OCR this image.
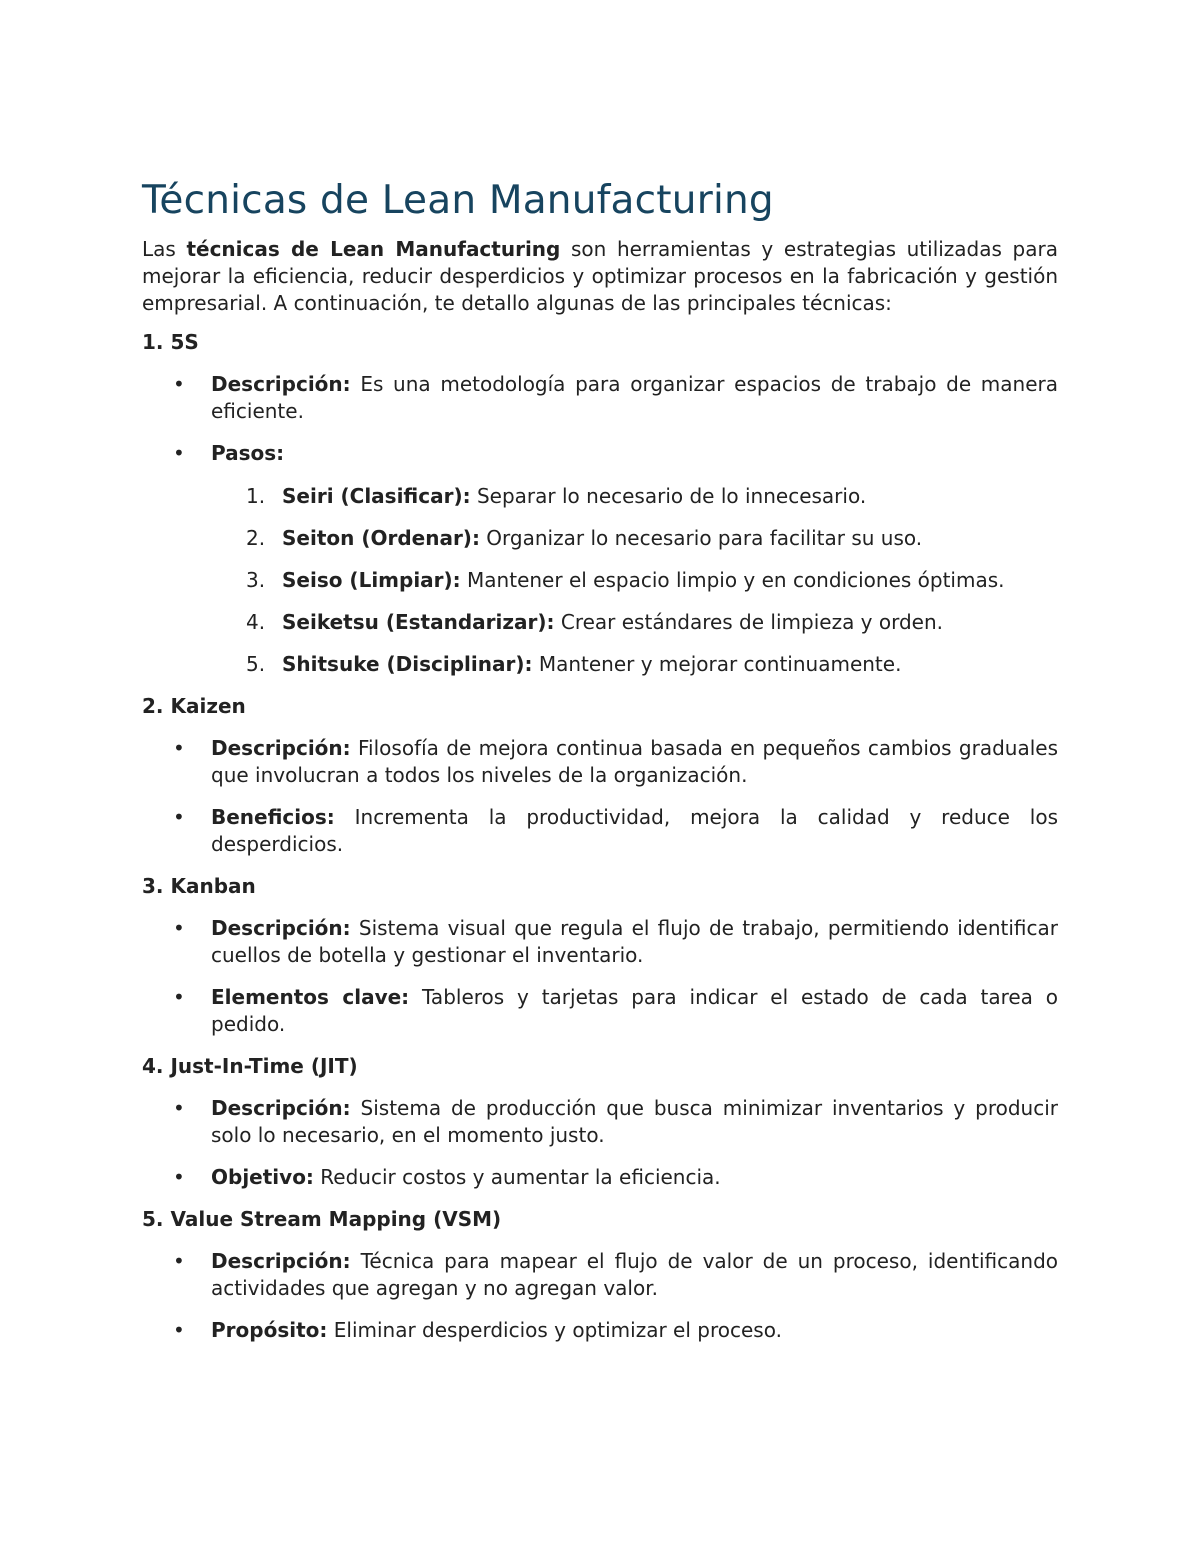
Técnicas de Lean Manufacturing

Las técnicas de Lean Manufacturing son herramientas y estrategias utilizadas para mejorar la eficiencia, reducir desperdicios y optimizar procesos en la fabricación y gestión empresarial. A continuación, te detallo algunas de las principales técnicas:

1. 5S
• Descripción: Es una metodología para organizar espacios de trabajo de manera eficiente.
• Pasos:
1. Seiri (Clasificar): Separar lo necesario de lo innecesario.
2. Seiton (Ordenar): Organizar lo necesario para facilitar su uso.
3. Seiso (Limpiar): Mantener el espacio limpio y en condiciones óptimas.
4. Seiketsu (Estandarizar): Crear estándares de limpieza y orden.
5. Shitsuke (Disciplinar): Mantener y mejorar continuamente.
2. Kaizen
• Descripción: Filosofía de mejora continua basada en pequeños cambios graduales que involucran a todos los niveles de la organización.
• Beneficios: Incrementa la productividad, mejora la calidad y reduce los desperdicios.
3. Kanban
• Descripción: Sistema visual que regula el flujo de trabajo, permitiendo identificar cuellos de botella y gestionar el inventario.
• Elementos clave: Tableros y tarjetas para indicar el estado de cada tarea o pedido.
4. Just-In-Time (JIT)
• Descripción: Sistema de producción que busca minimizar inventarios y producir solo lo necesario, en el momento justo.
• Objetivo: Reducir costos y aumentar la eficiencia.
5. Value Stream Mapping (VSM)
• Descripción: Técnica para mapear el flujo de valor de un proceso, identificando actividades que agregan y no agregan valor.
• Propósito: Eliminar desperdicios y optimizar el proceso.
